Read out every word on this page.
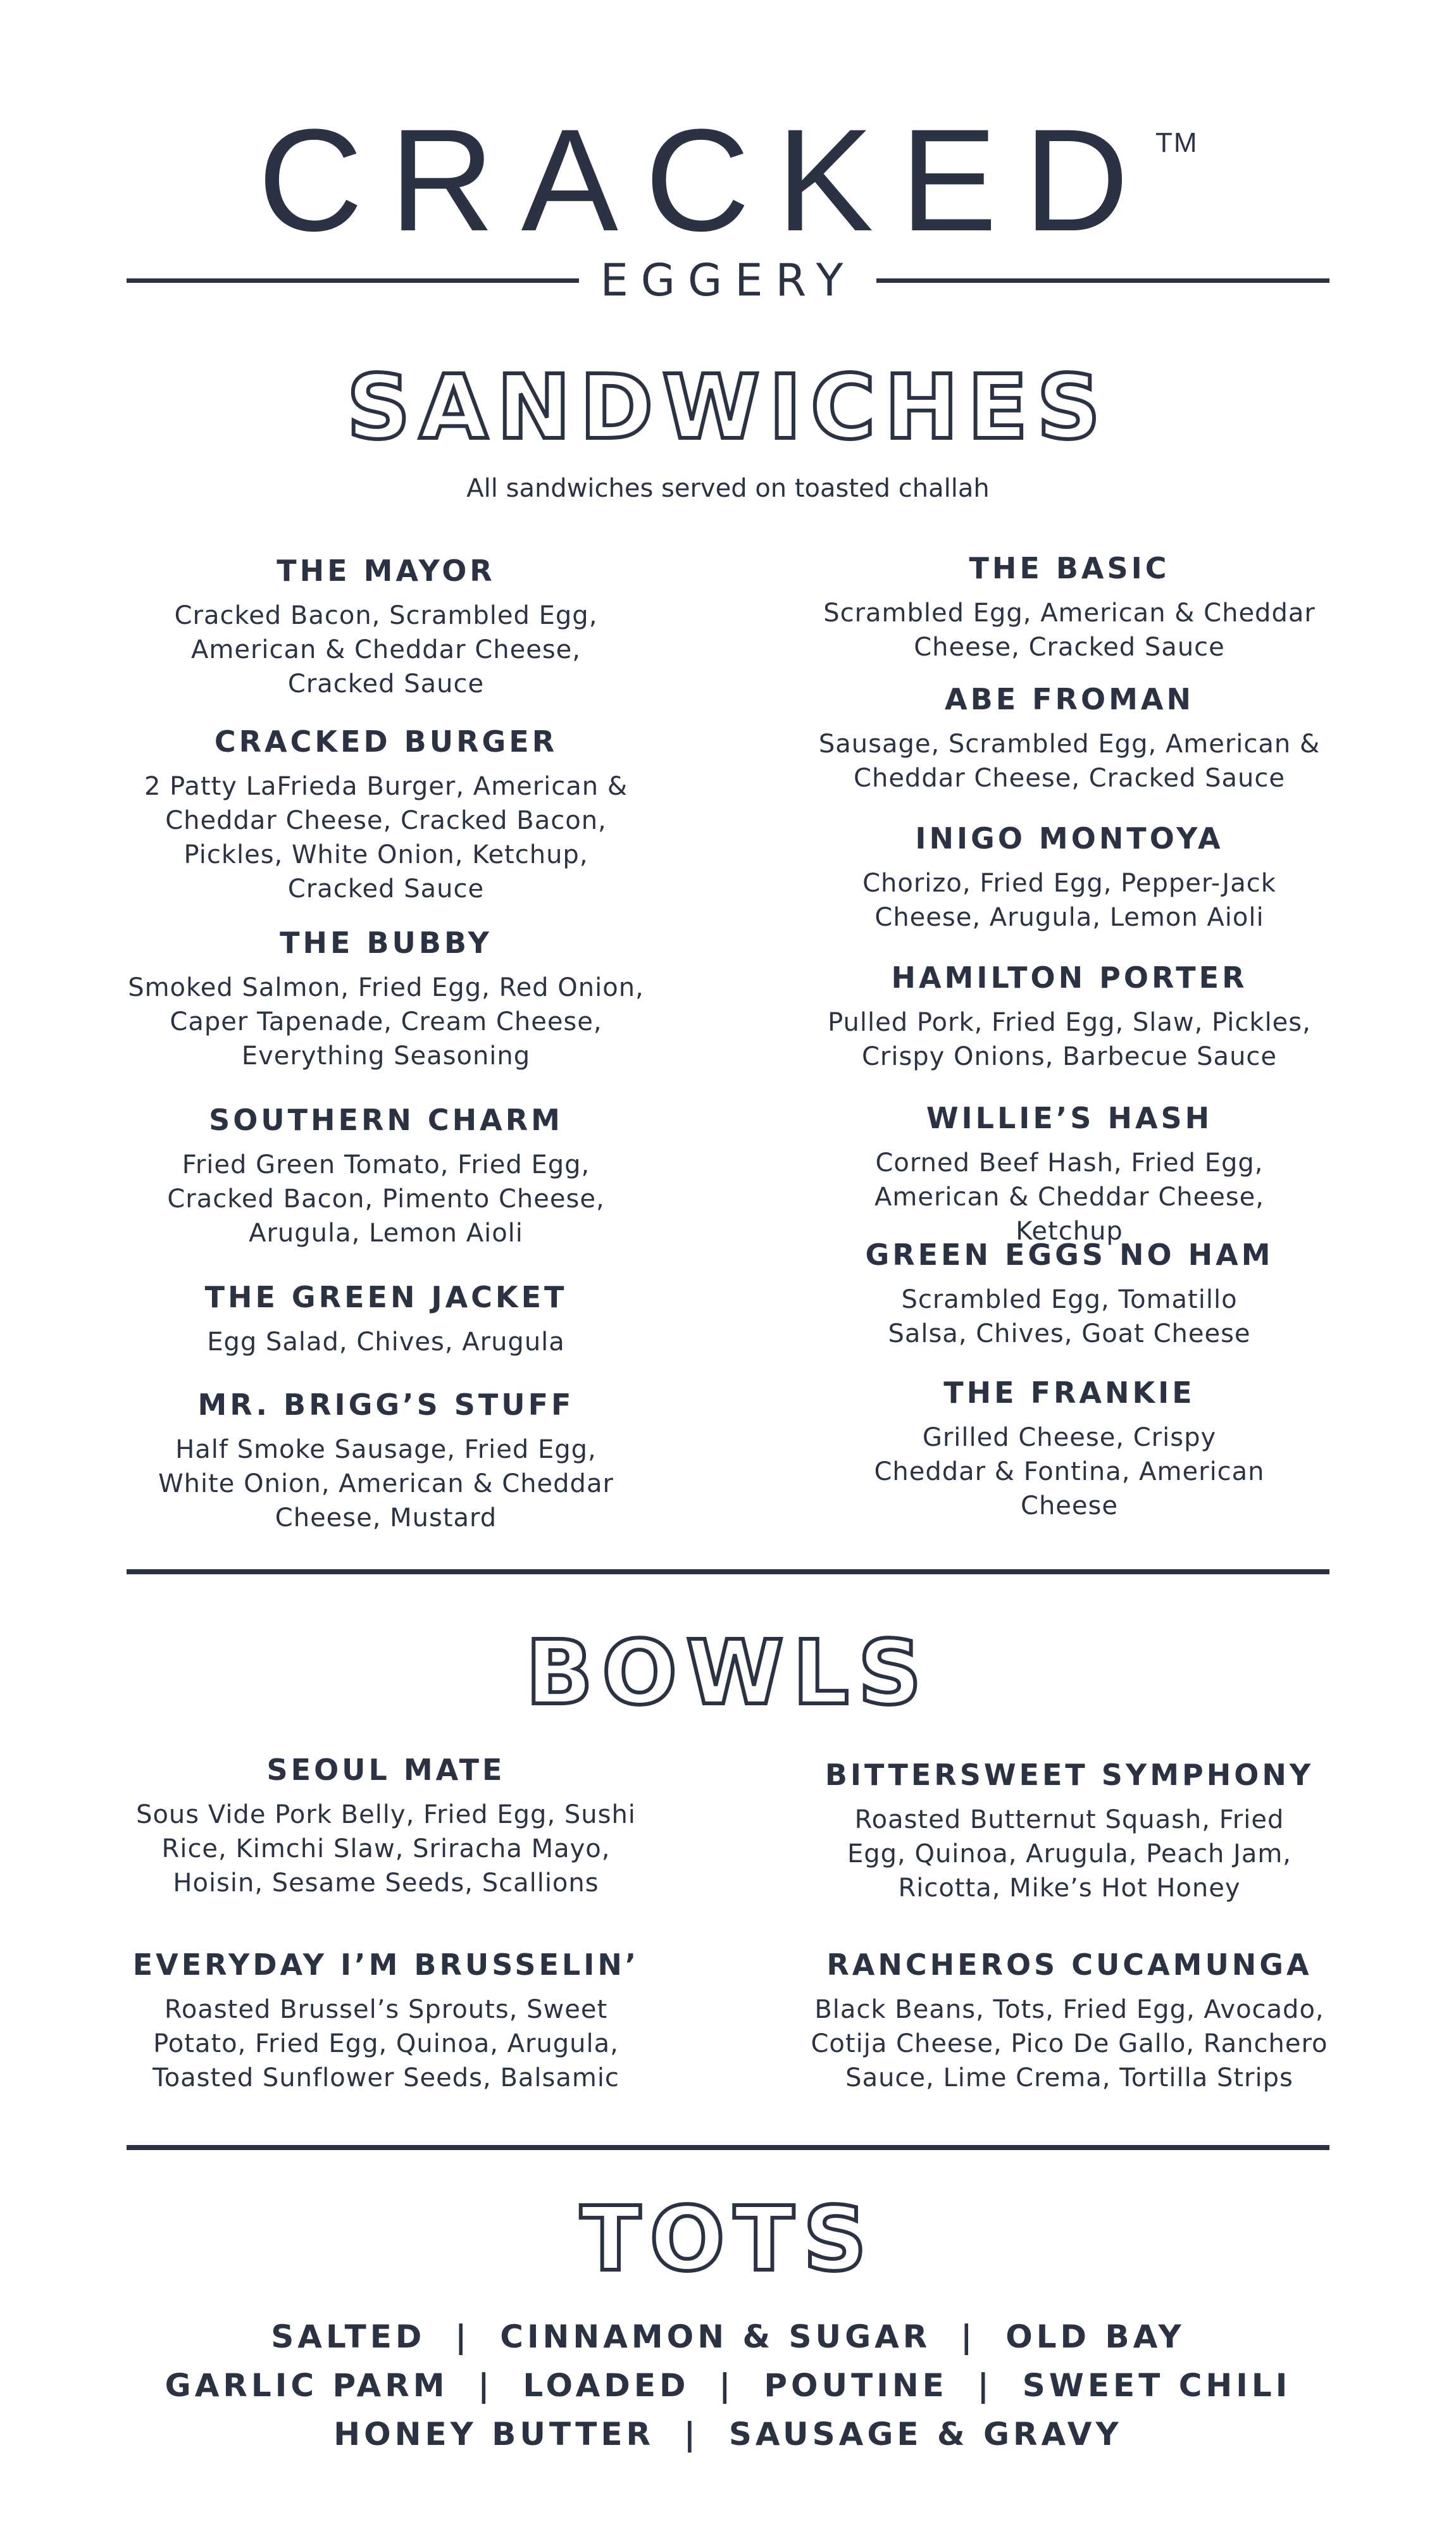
CRACKED™
EGGERY
SANDWICHES
All sandwiches served on toasted challah
THE MAYOR
Cracked Bacon, Scrambled Egg, American & Cheddar Cheese, Cracked Sauce
CRACKED BURGER
2 Patty LaFrieda Burger, American & Cheddar Cheese, Cracked Bacon, Pickles, White Onion, Ketchup, Cracked Sauce
THE BUBBY
Smoked Salmon, Fried Egg, Red Onion, Caper Tapenade, Cream Cheese, Everything Seasoning
SOUTHERN CHARM
Fried Green Tomato, Fried Egg, Cracked Bacon, Pimento Cheese, Arugula, Lemon Aioli
THE GREEN JACKET
Egg Salad, Chives, Arugula
MR. BRIGG’S STUFF
Half Smoke Sausage, Fried Egg, White Onion, American & Cheddar Cheese, Mustard
THE BASIC
Scrambled Egg, American & Cheddar Cheese, Cracked Sauce
ABE FROMAN
Sausage, Scrambled Egg, American & Cheddar Cheese, Cracked Sauce
INIGO MONTOYA
Chorizo, Fried Egg, Pepper-Jack Cheese, Arugula, Lemon Aioli
HAMILTON PORTER
Pulled Pork, Fried Egg, Slaw, Pickles, Crispy Onions, Barbecue Sauce
WILLIE’S HASH
Corned Beef Hash, Fried Egg, American & Cheddar Cheese, Ketchup
GREEN EGGS NO HAM
Scrambled Egg, Tomatillo Salsa, Chives, Goat Cheese
THE FRANKIE
Grilled Cheese, Crispy Cheddar & Fontina, American Cheese
BOWLS
SEOUL MATE
Sous Vide Pork Belly, Fried Egg, Sushi Rice, Kimchi Slaw, Sriracha Mayo, Hoisin, Sesame Seeds, Scallions
EVERYDAY I’M BRUSSELIN’
Roasted Brussel’s Sprouts, Sweet Potato, Fried Egg, Quinoa, Arugula, Toasted Sunflower Seeds, Balsamic
BITTERSWEET SYMPHONY
Roasted Butternut Squash, Fried Egg, Quinoa, Arugula, Peach Jam, Ricotta, Mike’s Hot Honey
RANCHEROS CUCAMUNGA
Black Beans, Tots, Fried Egg, Avocado, Cotija Cheese, Pico De Gallo, Ranchero Sauce, Lime Crema, Tortilla Strips
TOTS
SALTED  |  CINNAMON & SUGAR  |  OLD BAY
GARLIC PARM  |  LOADED  |  POUTINE  |  SWEET CHILI
HONEY BUTTER  |  SAUSAGE & GRAVY
